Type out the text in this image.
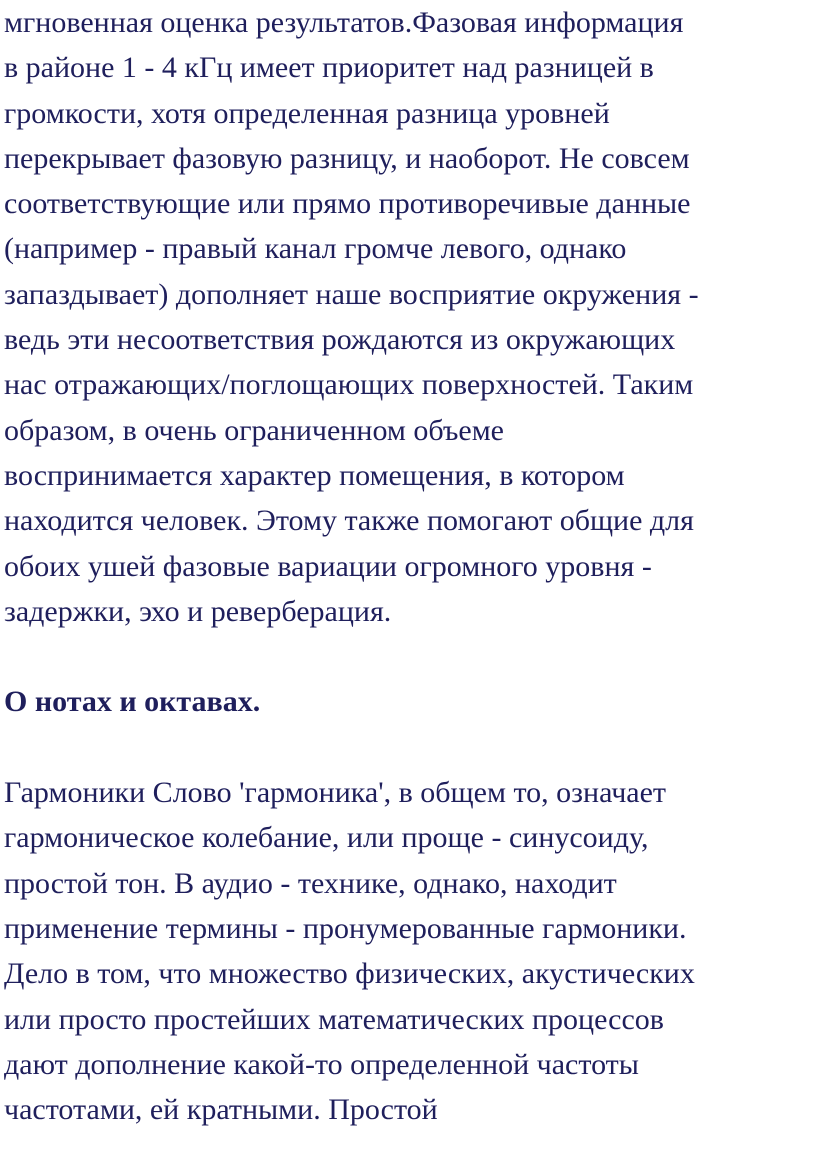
мгновенная оценка результатов.Фазовая информация
в районе 1 - 4 кГц имеет приоритет над разницей в
громкости, хотя определенная разница уровней
перекрывает фазовую разницу, и наоборот. Не совсем
соответствующие или прямо противоречивые данные
(например - правый канал громче левого, однако
запаздывает) дополняет наше восприятие окружения -
ведь эти несоответствия рождаются из окружающих
нас отражающих/поглощающих поверхностей. Таким
образом, в очень ограниченном объеме
воспринимается характер помещения, в котором
находится человек. Этому также помогают общие для
обоих ушей фазовые вариации огромного уровня -
задержки, эхо и реверберация.

О нотах и октавах.

Гармоники Слово 'гармоника', в общем то, означает
гармоническое колебание, или проще - синусоиду,
простой тон. В аудио - технике, однако, находит
применение термины - пронумерованные гармоники.
Дело в том, что множество физических, акустических
или просто простейших математических процессов
дают дополнение какой-то определенной частоты
частотами, ей кратными. Простой
